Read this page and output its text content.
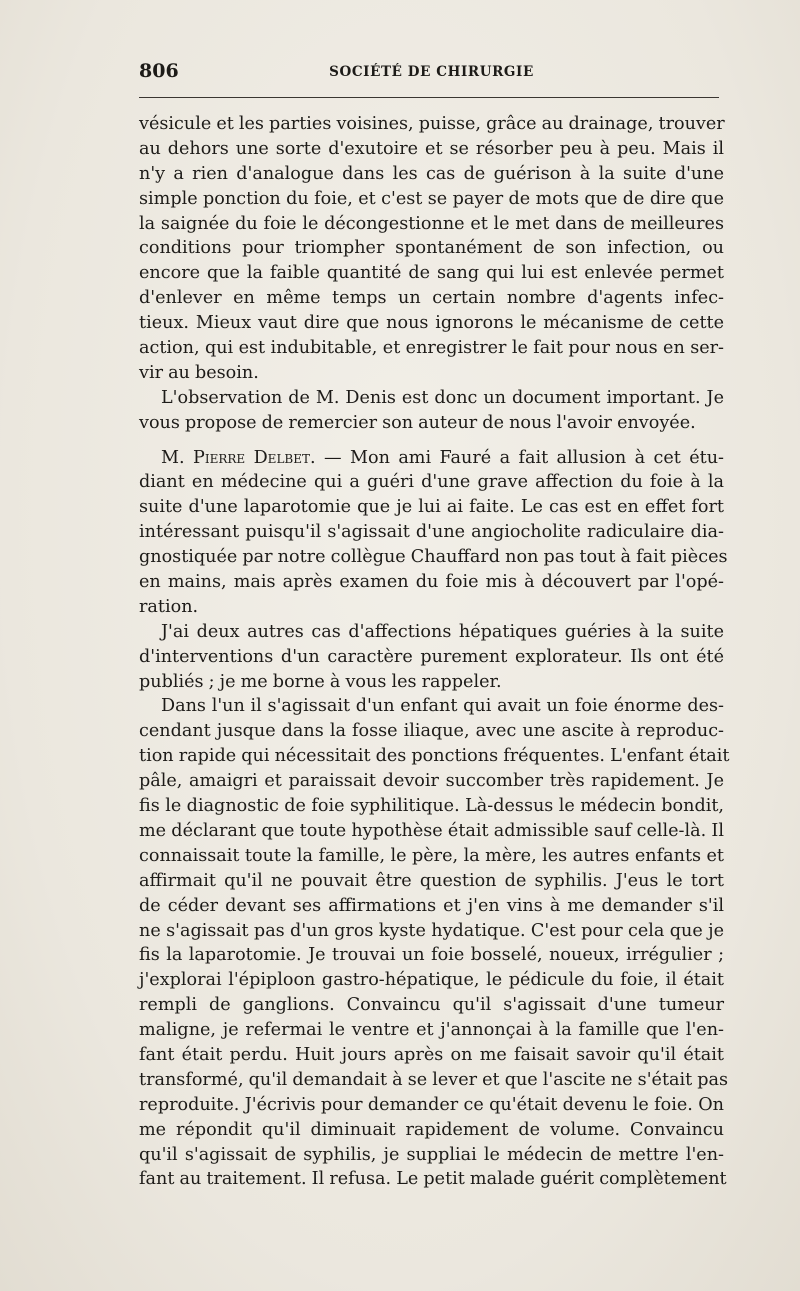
806	SOCIÉTÉ DE CHIRURGIE
vésicule et les parties voisines, puisse, grâce au drainage, trouver
au dehors une sorte d'exutoire et se résorber peu à peu. Mais il
n'y a rien d'analogue dans les cas de guérison à la suite d'une
simple ponction du foie, et c'est se payer de mots que de dire que
la saignée du foie le décongestionne et le met dans de meilleures
conditions pour triompher spontanément de son infection, ou
encore que la faible quantité de sang qui lui est enlevée permet
d'enlever en même temps un certain nombre d'agents infec-
tieux. Mieux vaut dire que nous ignorons le mécanisme de cette
action, qui est indubitable, et enregistrer le fait pour nous en ser-
vir au besoin.
L'observation de M. Denis est donc un document important. Je
vous propose de remercier son auteur de nous l'avoir envoyée.
M. Pierre Delbet. — Mon ami Fauré a fait allusion à cet étu-
diant en médecine qui a guéri d'une grave affection du foie à la
suite d'une laparotomie que je lui ai faite. Le cas est en effet fort
intéressant puisqu'il s'agissait d'une angiocholite radiculaire dia-
gnostiquée par notre collègue Chauffard non pas tout à fait pièces
en mains, mais après examen du foie mis à découvert par l'opé-
ration.
J'ai deux autres cas d'affections hépatiques guéries à la suite
d'interventions d'un caractère purement explorateur. Ils ont été
publiés ; je me borne à vous les rappeler.
Dans l'un il s'agissait d'un enfant qui avait un foie énorme des-
cendant jusque dans la fosse iliaque, avec une ascite à reproduc-
tion rapide qui nécessitait des ponctions fréquentes. L'enfant était
pâle, amaigri et paraissait devoir succomber très rapidement. Je
fis le diagnostic de foie syphilitique. Là-dessus le médecin bondit,
me déclarant que toute hypothèse était admissible sauf celle-là. Il
connaissait toute la famille, le père, la mère, les autres enfants et
affirmait qu'il ne pouvait être question de syphilis. J'eus le tort
de céder devant ses affirmations et j'en vins à me demander s'il
ne s'agissait pas d'un gros kyste hydatique. C'est pour cela que je
fis la laparotomie. Je trouvai un foie bosselé, noueux, irrégulier ;
j'explorai l'épiploon gastro-hépatique, le pédicule du foie, il était
rempli de ganglions. Convaincu qu'il s'agissait d'une tumeur
maligne, je refermai le ventre et j'annonçai à la famille que l'en-
fant était perdu. Huit jours après on me faisait savoir qu'il était
transformé, qu'il demandait à se lever et que l'ascite ne s'était pas
reproduite. J'écrivis pour demander ce qu'était devenu le foie. On
me répondit qu'il diminuait rapidement de volume. Convaincu
qu'il s'agissait de syphilis, je suppliai le médecin de mettre l'en-
fant au traitement. Il refusa. Le petit malade guérit complètement
